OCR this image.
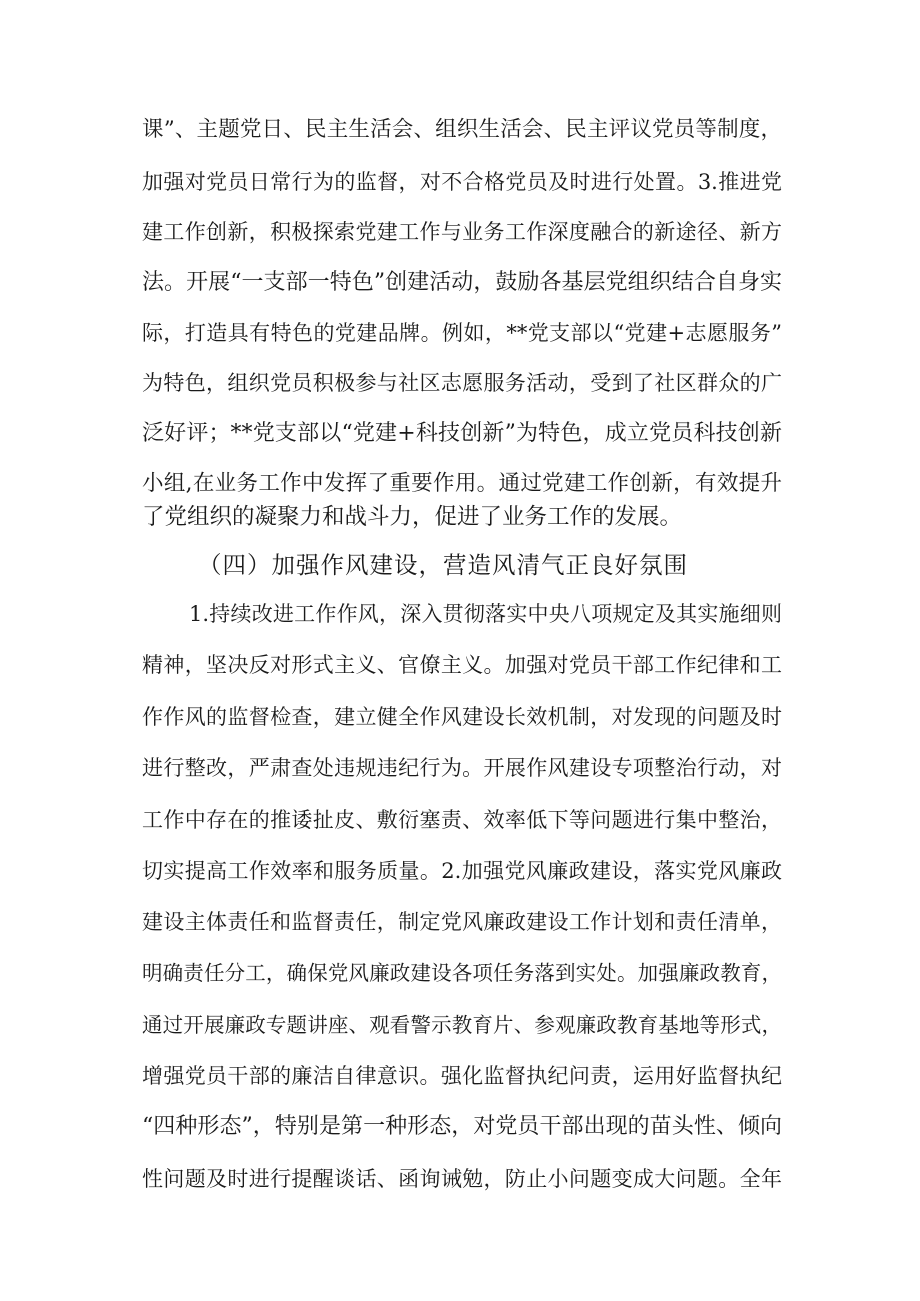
课”、主题党日、民主生活会、组织生活会、民主评议党员等制度，
加强对党员日常行为的监督，对不合格党员及时进行处置。3.推进党
建工作创新，积极探索党建工作与业务工作深度融合的新途径、新方
法。开展“一支部一特色”创建活动，鼓励各基层党组织结合自身实
际，打造具有特色的党建品牌。例如，**党支部以“党建+志愿服务”
为特色，组织党员积极参与社区志愿服务活动，受到了社区群众的广
泛好评；**党支部以“党建+科技创新”为特色，成立党员科技创新
小组,在业务工作中发挥了重要作用。通过党建工作创新，有效提升
了党组织的凝聚力和战斗力，促进了业务工作的发展。
（四）加强作风建设，营造风清气正良好氛围
1.持续改进工作作风，深入贯彻落实中央八项规定及其实施细则
精神，坚决反对形式主义、官僚主义。加强对党员干部工作纪律和工
作作风的监督检查，建立健全作风建设长效机制，对发现的问题及时
进行整改，严肃查处违规违纪行为。开展作风建设专项整治行动，对
工作中存在的推诿扯皮、敷衍塞责、效率低下等问题进行集中整治，
切实提高工作效率和服务质量。2.加强党风廉政建设，落实党风廉政
建设主体责任和监督责任，制定党风廉政建设工作计划和责任清单，
明确责任分工，确保党风廉政建设各项任务落到实处。加强廉政教育，
通过开展廉政专题讲座、观看警示教育片、参观廉政教育基地等形式，
增强党员干部的廉洁自律意识。强化监督执纪问责，运用好监督执纪
“四种形态”，特别是第一种形态，对党员干部出现的苗头性、倾向
性问题及时进行提醒谈话、函询诫勉，防止小问题变成大问题。全年
